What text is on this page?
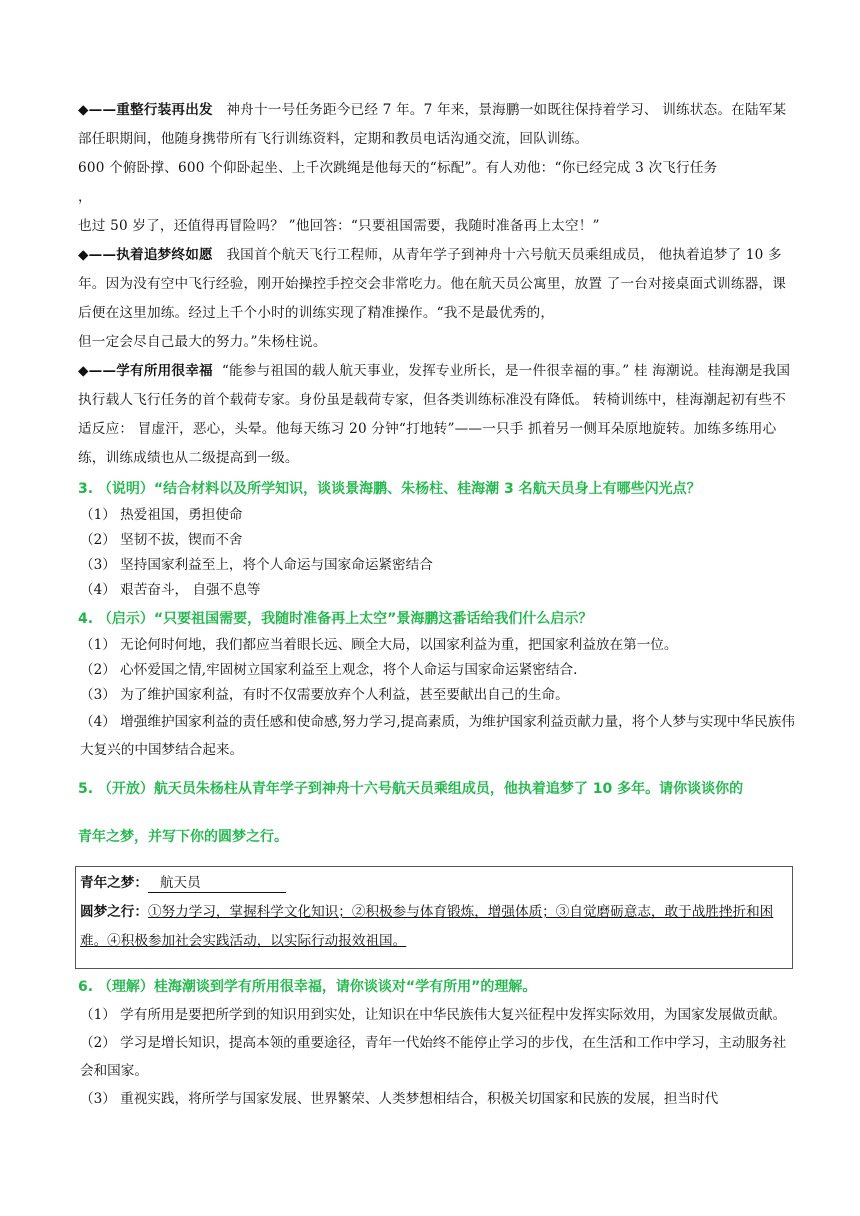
◆——重整行装再出发 神舟十一号任务距今已经 7 年。7 年来，景海鹏一如既往保持着学习、 训练状态。在陆军某部任职期间，他随身携带所有飞行训练资料，定期和教员电话沟通交流，回队训练。

600 个俯卧撑、600 个仰卧起坐、上千次跳绳是他每天的“标配”。有人劝他：“你已经完成 3 次飞行任务

，

也过 50 岁了，还值得再冒险吗？ ”他回答：“只要祖国需要，我随时准备再上太空！”

◆——执着追梦终如愿 我国首个航天飞行工程师，从青年学子到神舟十六号航天员乘组成员， 他执着追梦了 10 多年。因为没有空中飞行经验，刚开始操控手控交会非常吃力。他在航天员公寓里，放置 了一台对接桌面式训练器，课后便在这里加练。经过上千个小时的训练实现了精准操作。“我不是最优秀的，

但一定会尽自己最大的努力。”朱杨柱说。

◆——学有所用很幸福 “能参与祖国的载人航天事业，发挥专业所长，是一件很幸福的事。” 桂 海潮说。桂海潮是我国执行载人飞行任务的首个载荷专家。身份虽是载荷专家，但各类训练标准没有降低。 转椅训练中，桂海潮起初有些不适反应： 冒虚汗，恶心，头晕。他每天练习 20 分钟“打地转”——一只手 抓着另一侧耳朵原地旋转。加练多练用心练，训练成绩也从二级提高到一级。

3. （说明）“结合材料以及所学知识，谈谈景海鹏、朱杨柱、桂海潮 3 名航天员身上有哪些闪光点？

（1） 热爱祖国，勇担使命

（2） 坚韧不拔，锲而不舍

（3） 坚持国家利益至上，将个人命运与国家命运紧密结合

（4） 艰苦奋斗， 自强不息等

4. （启示）“只要祖国需要，我随时准备再上太空”景海鹏这番话给我们什么启示？

（1） 无论何时何地，我们都应当着眼长远、顾全大局，以国家利益为重，把国家利益放在第一位。

（2） 心怀爱国之情,牢固树立国家利益至上观念，将个人命运与国家命运紧密结合.

（3） 为了维护国家利益，有时不仅需要放弃个人利益，甚至要献出自己的生命。

（4） 增强维护国家利益的责任感和使命感,努力学习,提高素质，为维护国家利益贡献力量，将个人梦与实现中华民族伟大复兴的中国梦结合起来。

5. （开放）航天员朱杨柱从青年学子到神舟十六号航天员乘组成员，他执着追梦了 10 多年。请你谈谈你的
青年之梦，并写下你的圆梦之行。

青年之梦： 航天员
圆梦之行：①努力学习，掌握科学文化知识；②积极参与体育锻炼，增强体质；③自觉磨砺意志，敢于战胜挫折和困难。④积极参加社会实践活动，以实际行动报效祖国。

6. （理解）桂海潮谈到学有所用很幸福，请你谈谈对“学有所用”的理解。

（1） 学有所用是要把所学到的知识用到实处，让知识在中华民族伟大复兴征程中发挥实际效用，为国家发展做贡献。

（2） 学习是增长知识，提高本领的重要途径，青年一代始终不能停止学习的步伐，在生活和工作中学习，主动服务社会和国家。

（3） 重视实践，将所学与国家发展、世界繁荣、人类梦想相结合，积极关切国家和民族的发展，担当时代
